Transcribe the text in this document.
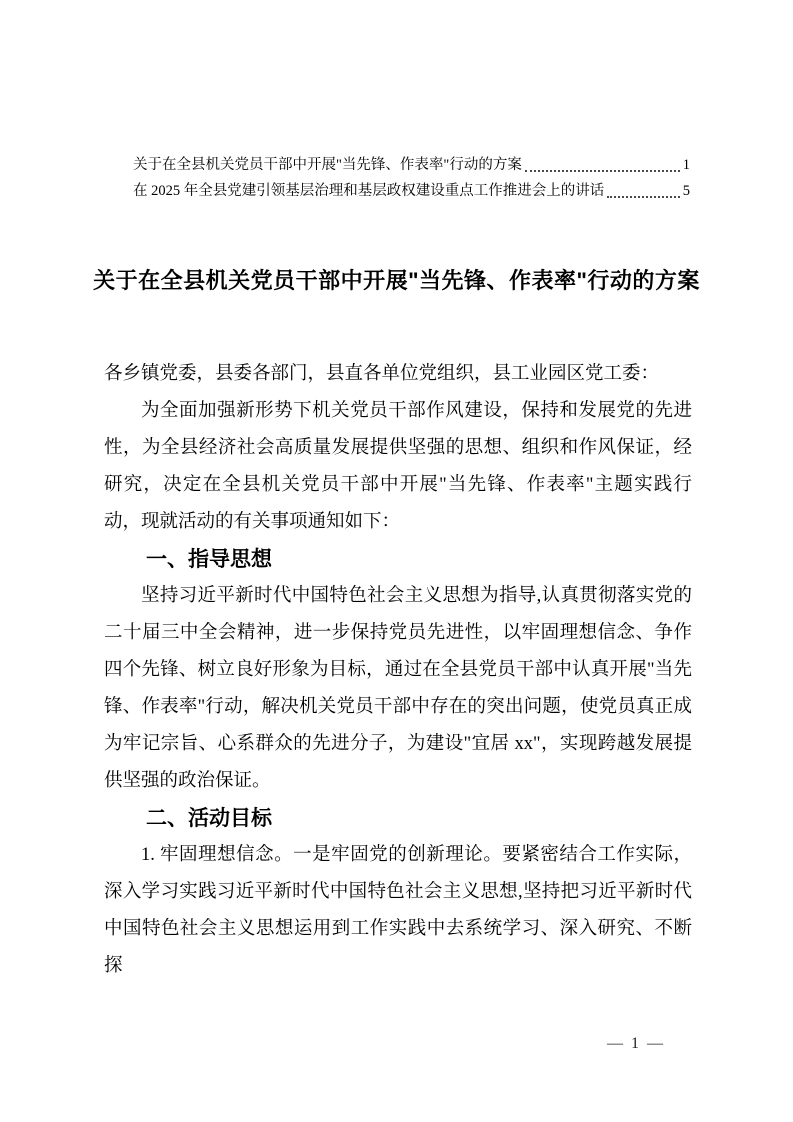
关于在全县机关党员干部中开展"当先锋、作表率"行动的方案	1
在 2025 年全县党建引领基层治理和基层政权建设重点工作推进会上的讲话	5
关于在全县机关党员干部中开展"当先锋、作表率"行动的方案

各乡镇党委，县委各部门，县直各单位党组织，县工业园区党工委：

为全面加强新形势下机关党员干部作风建设，保持和发展党的先进性，为全县经济社会高质量发展提供坚强的思想、组织和作风保证，经研究，决定在全县机关党员干部中开展"当先锋、作表率"主题实践行动，现就活动的有关事项通知如下：

一、指导思想

坚持习近平新时代中国特色社会主义思想为指导,认真贯彻落实党的二十届三中全会精神，进一步保持党员先进性，以牢固理想信念、争作四个先锋、树立良好形象为目标，通过在全县党员干部中认真开展"当先锋、作表率"行动，解决机关党员干部中存在的突出问题，使党员真正成为牢记宗旨、心系群众的先进分子，为建设"宜居 xx"，实现跨越发展提供坚强的政治保证。

二、活动目标

1. 牢固理想信念。一是牢固党的创新理论。要紧密结合工作实际，深入学习实践习近平新时代中国特色社会主义思想,坚持把习近平新时代中国特色社会主义思想运用到工作实践中去系统学习、深入研究、不断探

— 1 —
